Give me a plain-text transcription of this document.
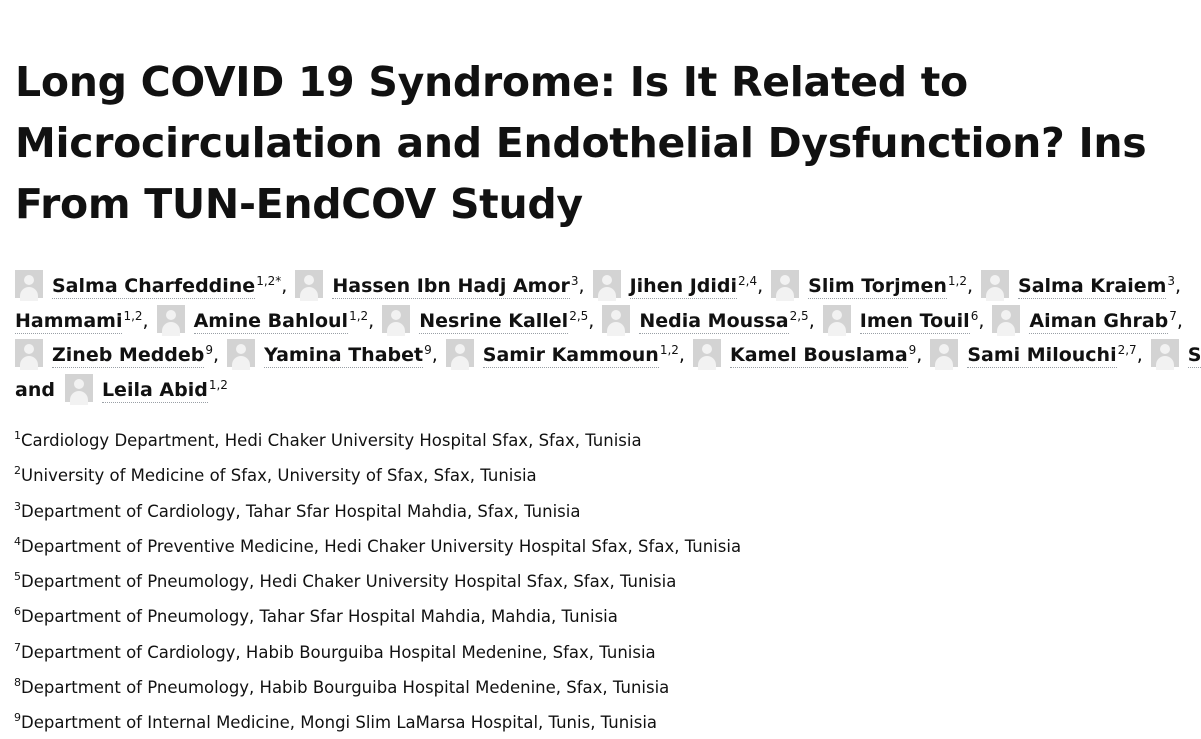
Long COVID 19 Syndrome: Is It Related to
Microcirculation and Endothelial Dysfunction? Ins
From TUN-EndCOV Study
Salma Charfeddine$^{1,2*}$, Hassen Ibn Hadj Amor$^3$, Jihen Jdidi$^{2,4}$, Slim Torjmen$^{1,2}$, Salma Kraiem$^3$,
Hammami$^{1,2}$, Amine Bahloul$^{1,2}$, Nesrine Kallel$^{2,5}$, Nedia Moussa$^{2,5}$, Imen Touil$^6$, Aiman Ghrab$^7$,
Zineb Meddeb$^9$, Yamina Thabet$^9$, Samir Kammoun$^{1,2}$, Kamel Bouslama$^9$, Sami Milouchi$^{2,7}$, S
and Leila Abid$^{1,2}$
$^1$Cardiology Department, Hedi Chaker University Hospital Sfax, Sfax, Tunisia
$^2$University of Medicine of Sfax, University of Sfax, Sfax, Tunisia
$^3$Department of Cardiology, Tahar Sfar Hospital Mahdia, Sfax, Tunisia
$^4$Department of Preventive Medicine, Hedi Chaker University Hospital Sfax, Sfax, Tunisia
$^5$Department of Pneumology, Hedi Chaker University Hospital Sfax, Sfax, Tunisia
$^6$Department of Pneumology, Tahar Sfar Hospital Mahdia, Mahdia, Tunisia
$^7$Department of Cardiology, Habib Bourguiba Hospital Medenine, Sfax, Tunisia
$^8$Department of Pneumology, Habib Bourguiba Hospital Medenine, Sfax, Tunisia
$^9$Department of Internal Medicine, Mongi Slim LaMarsa Hospital, Tunis, Tunisia
